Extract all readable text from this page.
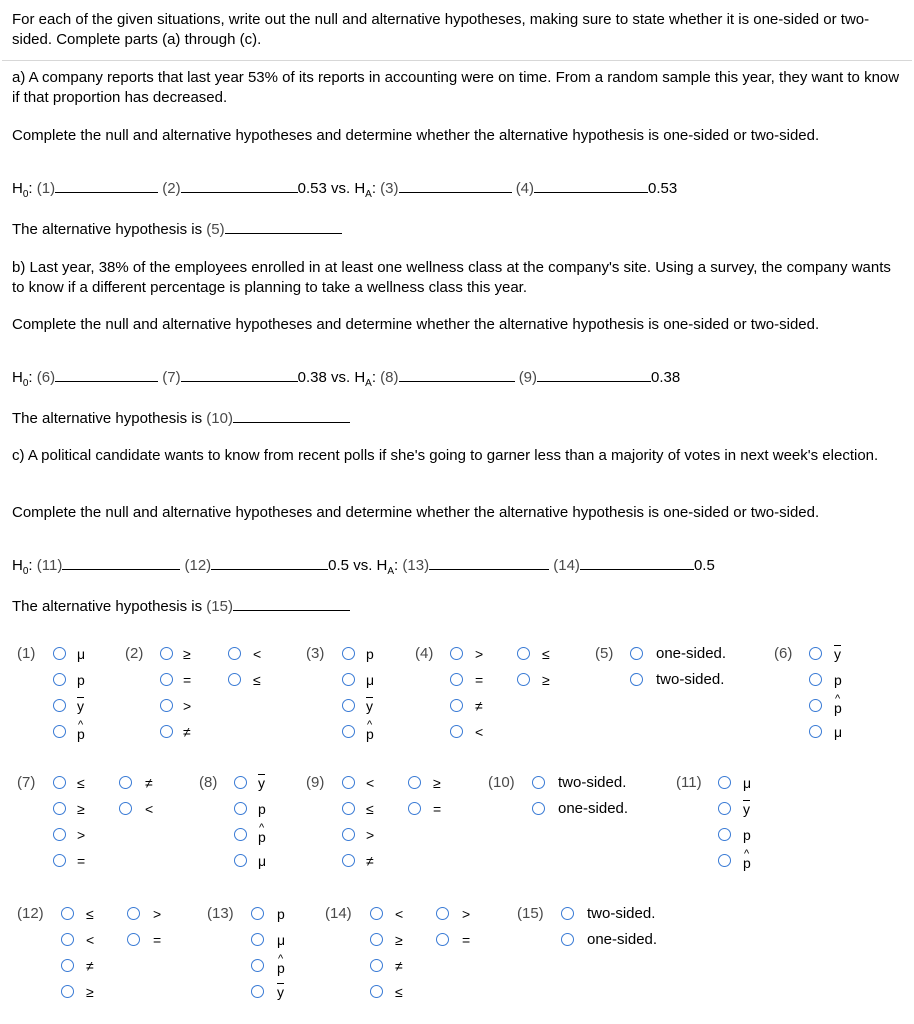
For each of the given situations, write out the null and alternative hypotheses, making sure to state whether it is one-sided or two-sided. Complete parts (a) through (c).
a) A company reports that last year 53% of its reports in accounting were on time. From a random sample this year, they want to know if that proportion has decreased.
Complete the null and alternative hypotheses and determine whether the alternative hypothesis is one-sided or two-sided.
$H_0$: (1)	(2)	0.53 vs. $H_A$: (3)	(4)	0.53
The alternative hypothesis is (5)
b) Last year, 38% of the employees enrolled in at least one wellness class at the company's site. Using a survey, the company wants to know if a different percentage is planning to take a wellness class this year.
Complete the null and alternative hypotheses and determine whether the alternative hypothesis is one-sided or two-sided.
$H_0$: (6)	(7)	0.38 vs. $H_A$: (8)	(9)	0.38
The alternative hypothesis is (10)
c) A political candidate wants to know from recent polls if she's going to garner less than a majority of votes in next week's election.
Complete the null and alternative hypotheses and determine whether the alternative hypothesis is one-sided or two-sided.
$H_0$: (11)	(12)	0.5 vs. $H_A$: (13)	(14)	0.5
The alternative hypothesis is (15)
(1)	μ
p
$\overline{y}$
^ p
(2)	≥
=
>
≠
<
≤
(3)	p
μ
$\overline{y}$
^ p
(4)	>
=
≠
<
≤
≥
(5)	one-sided.
two-sided.
(6)	$\overline{y}$
p
^ p
μ
(7)	≤
≥
>
=
≠
<
(8)	$\overline{y}$
p
^ p
μ
(9)	<
≤
>
≠
≥
=
(10)	two-sided.
one-sided.
(11)	μ
$\overline{y}$
p
^ p
(12)	≤
<
≠
≥
>
=
(13)	p
μ
^ p
$\overline{y}$
(14)	<
≥
≠
≤
>
=
(15)	two-sided.
one-sided.
